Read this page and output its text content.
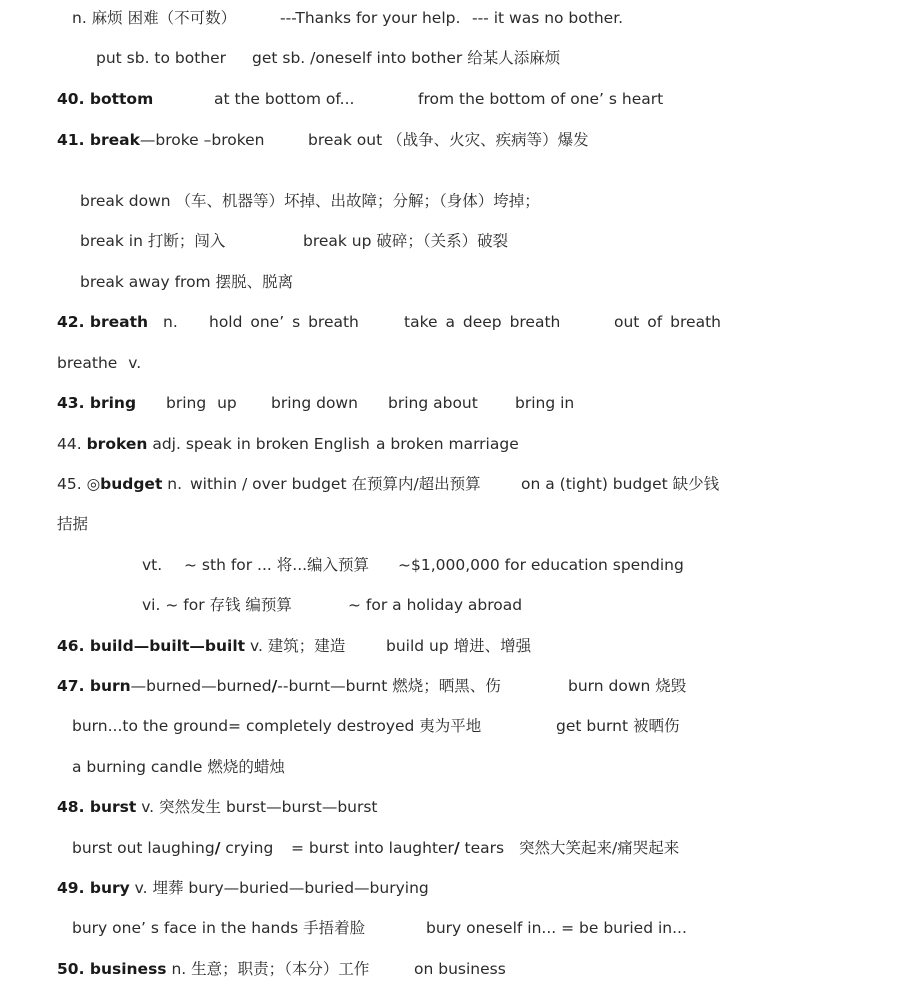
n. 麻烦 困难（不可数）	---Thanks for your help. --- it was no bother.
put sb. to bother get sb. /oneself into bother 给某人添麻烦
40. bottom	at the bottom of...	from the bottom of one’ s heart
41. break—broke –broken	break out （战争、火灾、疾病等）爆发
break down （车、机器等）坏掉、出故障；分解；（身体）垮掉；
break in 打断；闯入	break up 破碎；（关系）破裂
break away from 摆脱、脱离
42. breath n. hold one’ s breath	take a deep breath	out of breath
breathe v.
43. bring bring up bring down bring about bring in
44. broken adj. speak in broken English a broken marriage
45. ◎budget n. within / over budget 在预算内/超出预算	on a (tight) budget 缺少钱
拮据
vt. ~ sth for ... 将...编入预算 ~$1,000,000 for education spending
vi. ~ for 存钱 编预算	~ for a holiday abroad
46. build—built—built v. 建筑；建造	build up 增进、增强
47. burn—burned—burned/--burnt—burnt 燃烧；晒黑、伤	burn down 烧毁
burn...to the ground= completely destroyed 夷为平地	get burnt 被晒伤
a burning candle 燃烧的蜡烛
48. burst v. 突然发生 burst—burst—burst
burst out laughing/ crying = burst into laughter/ tears 突然大笑起来/痛哭起来
49. bury v. 埋葬 bury—buried—buried—burying
bury one’ s face in the hands 手捂着脸	bury oneself in... = be buried in...
50. business n. 生意；职责；（本分）工作	on business
